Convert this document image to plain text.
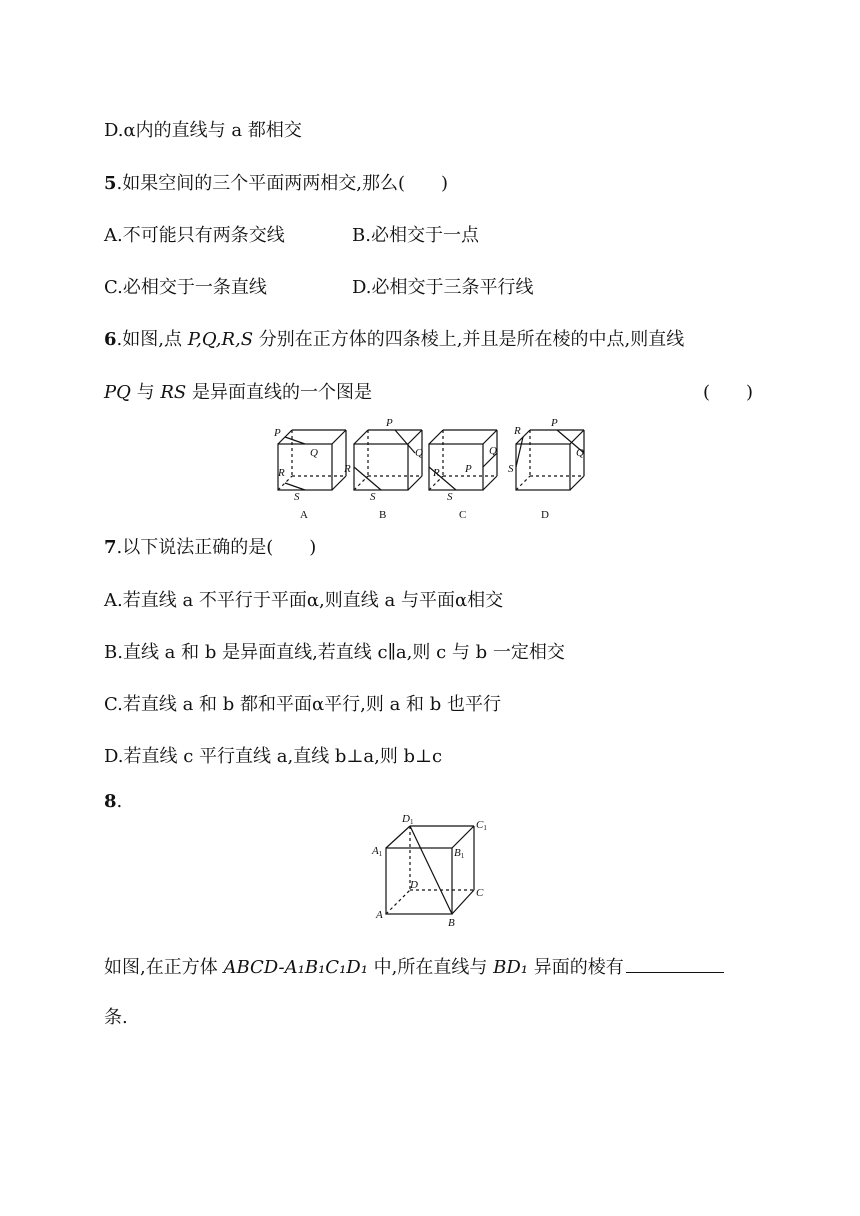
D.α内的直线与 a 都相交
5.如果空间的三个平面两两相交,那么(　　)
A.不可能只有两条交线	B.必相交于一点
C.必相交于一条直线	D.必相交于三条平行线
6.如图,点 P,Q,R,S 分别在正方体的四条棱上,并且是所在棱的中点,则直线
PQ 与 RS 是异面直线的一个图是	(　　)
P
Q
R
S
P
Q
R
S
R P
Q
S
R
P
Q
S
A	B	C	D
7.以下说法正确的是(　　)
A.若直线 a 不平行于平面α,则直线 a 与平面α相交
B.直线 a 和 b 是异面直线,若直线 c∥a,则 c 与 b 一定相交
C.若直线 a 和 b 都和平面α平行,则 a 和 b 也平行
D.若直线 c 平行直线 a,直线 b⊥a,则 b⊥c
8.
D1	C1
A1	B1
D
C
A
B
如图,在正方体 ABCD-A₁B₁C₁D₁ 中,所在直线与 BD₁ 异面的棱有
条.
